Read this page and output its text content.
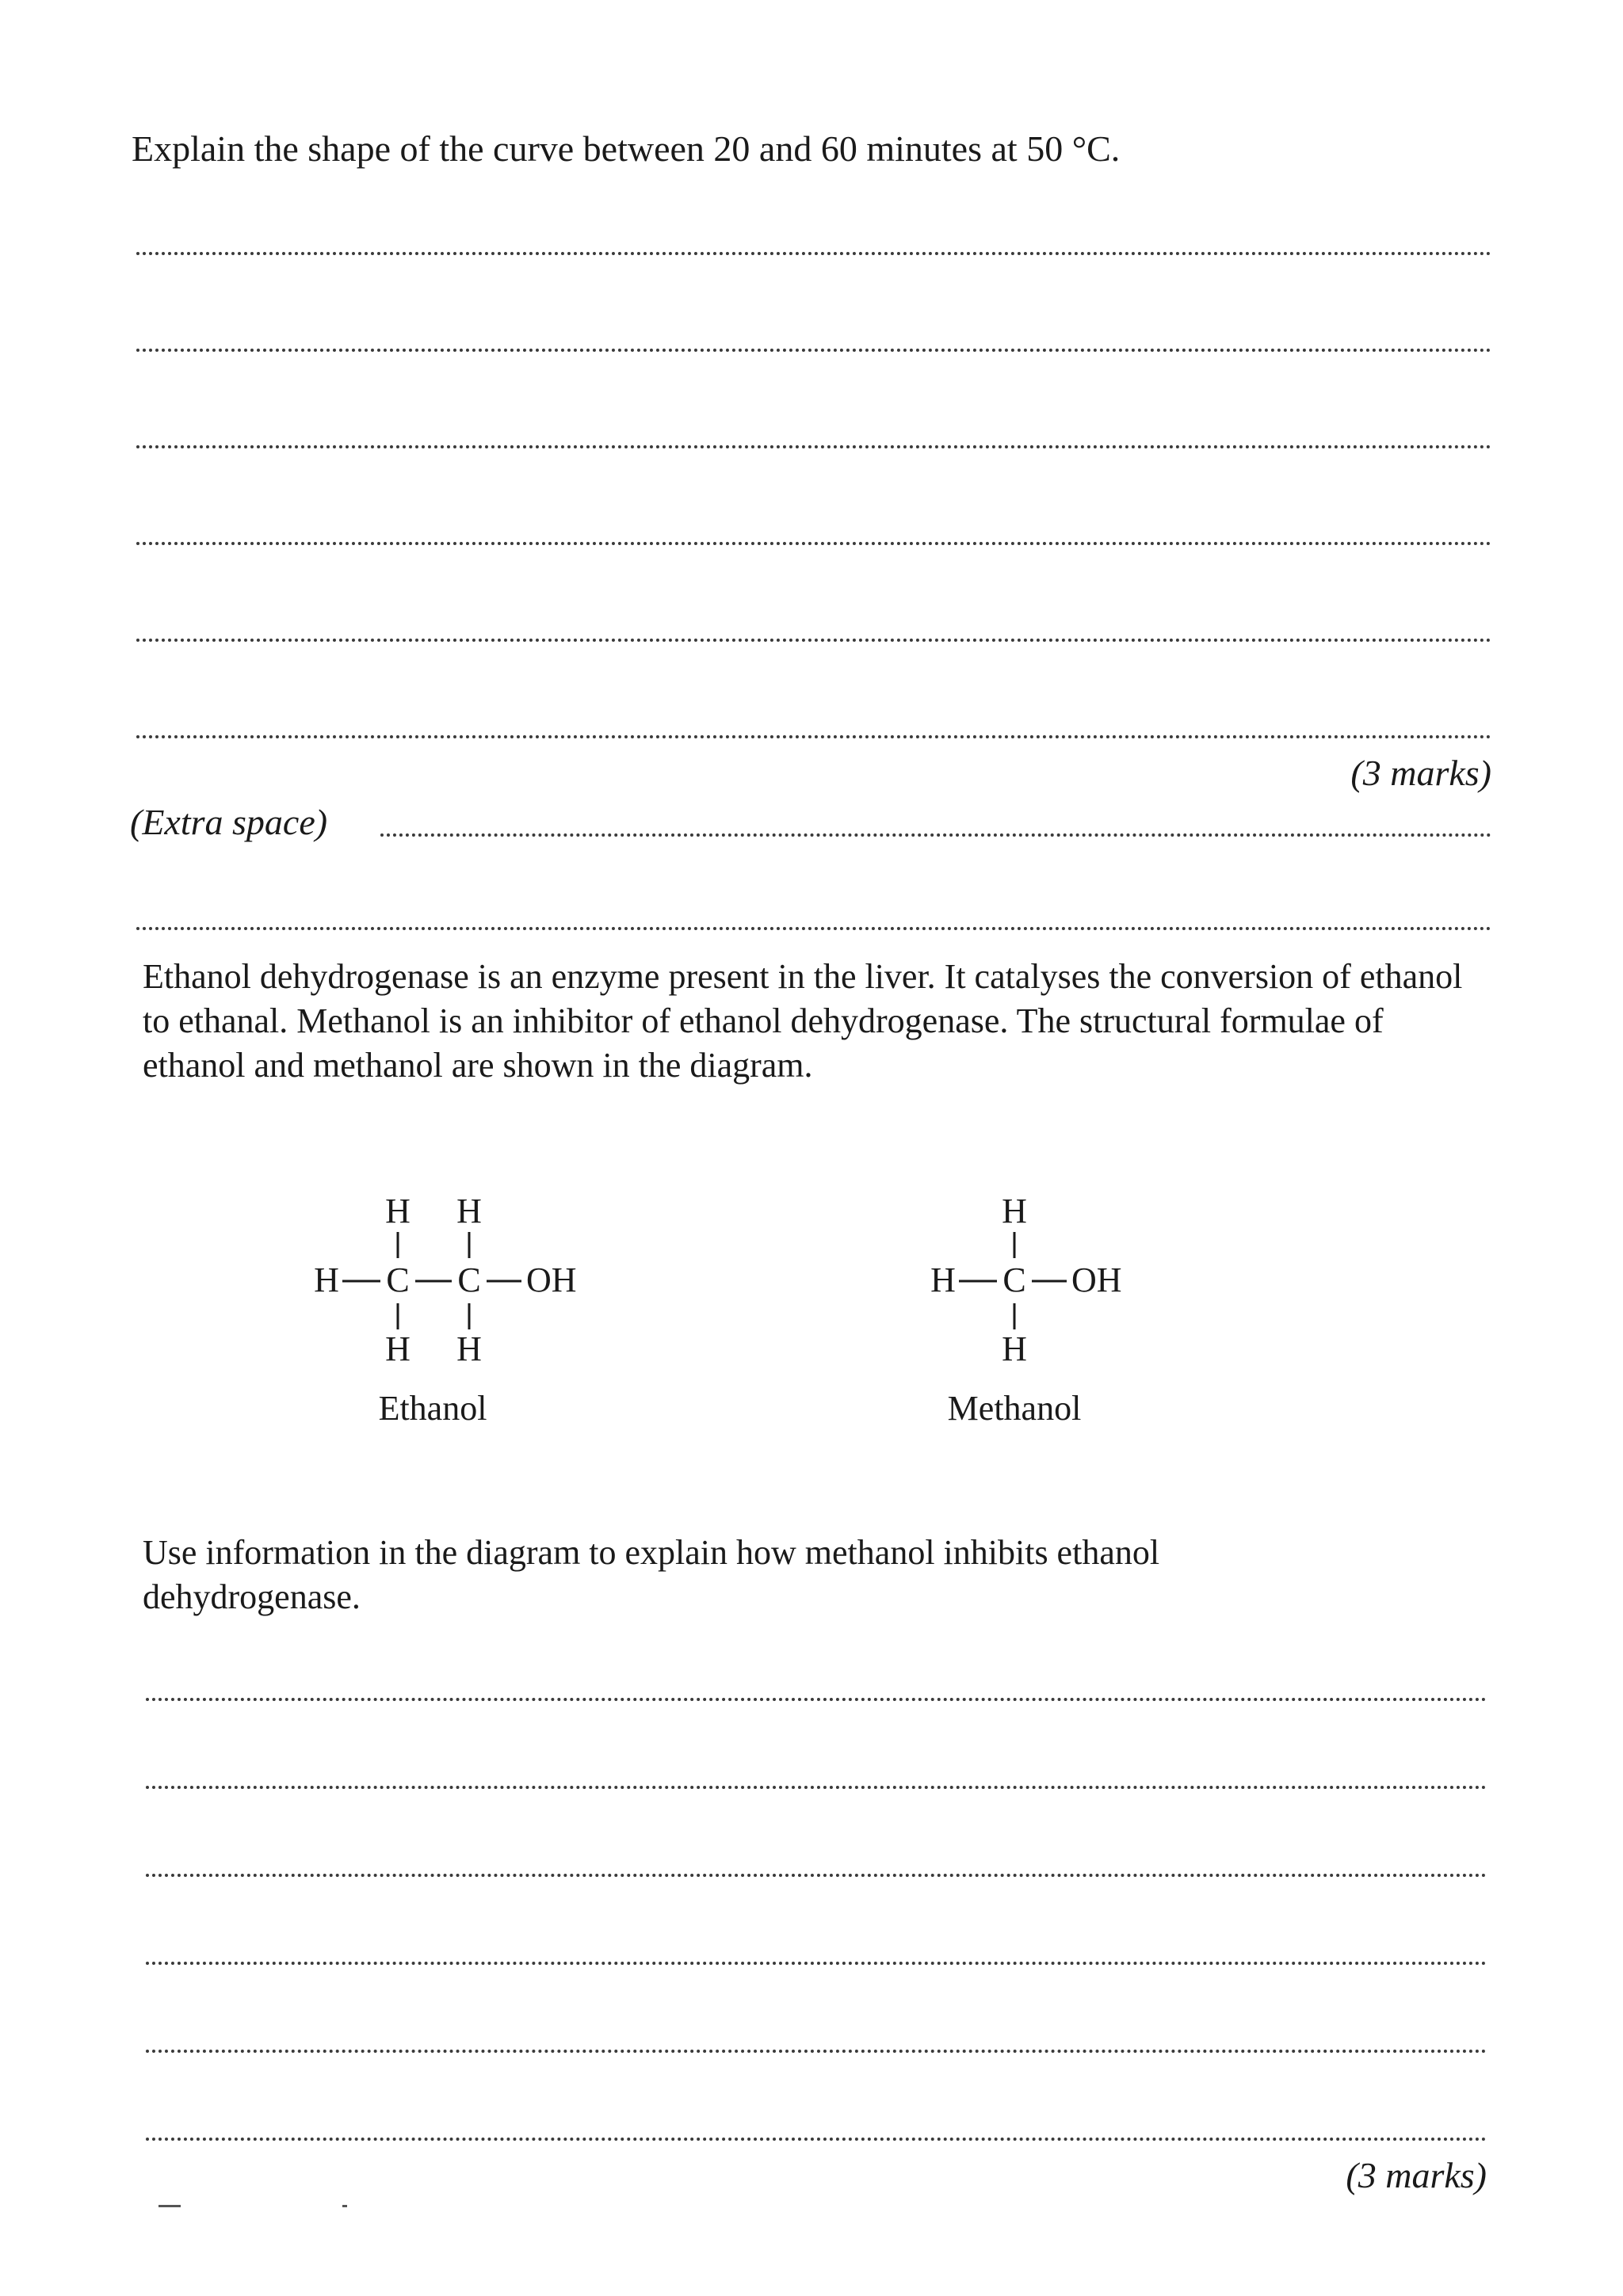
Explain the shape of the curve between 20 and 60 minutes at 50 °C.
(3 marks)
(Extra space)
Ethanol dehydrogenase is an enzyme present in the liver. It catalyses the conversion of ethanol to ethanal. Methanol is an inhibitor of ethanol dehydrogenase. The structural formulae of ethanol and methanol are shown in the diagram.
H H
H C C OH
H H
H
H C OH
H
Ethanol	Methanol
Use information in the diagram to explain how methanol inhibits ethanol dehydrogenase.
(3 marks)
